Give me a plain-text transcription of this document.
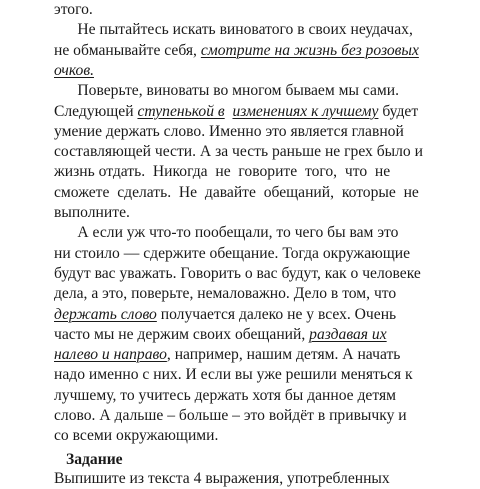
этого.
Не пытайтесь искать виноватого в своих неудачах,
не обманывайте себя, смотрите на жизнь без розовых
очков.
Поверьте, виноваты во многом бываем мы сами.
Следующей ступенькой в изменениях к лучшему будет
умение держать слово. Именно это является главной
составляющей чести. А за честь раньше не грех было и
жизнь отдать.  Никогда  не  говорите  того,  что  не
сможете  сделать.  Не  давайте  обещаний,  которые  не
выполните.
А если уж что-то пообещали, то чего бы вам это
ни стоило — сдержите обещание. Тогда окружающие
будут вас уважать. Говорить о вас будут, как о человеке
дела, а это, поверьте, немаловажно. Дело в том, что
держать слово получается далеко не у всех. Очень
часто мы не держим своих обещаний, раздавая их
налево и направо, например, нашим детям. А начать
надо именно с них. И если вы уже решили меняться к
лучшему, то учитесь держать хотя бы данное детям
слово. А дальше – больше – это войдёт в привычку и
со всеми окружающими.
Задание
Выпишите из текста 4 выражения, употребленных
